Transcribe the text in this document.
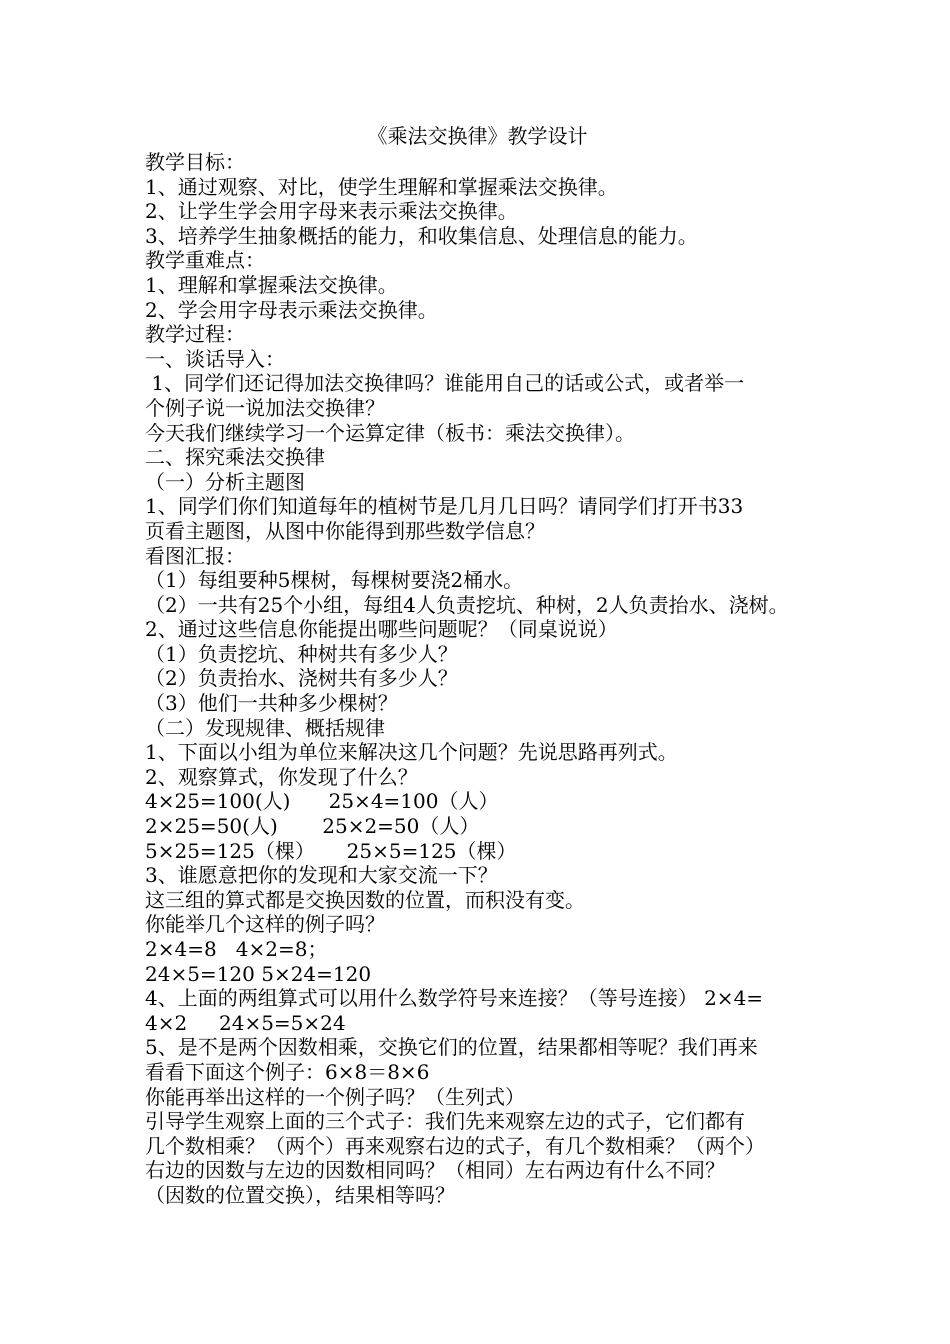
《乘法交换律》教学设计
教学目标：
1、通过观察、对比，使学生理解和掌握乘法交换律。
2、让学生学会用字母来表示乘法交换律。
3、培养学生抽象概括的能力，和收集信息、处理信息的能力。
教学重难点：
1、理解和掌握乘法交换律。
2、学会用字母表示乘法交换律。
教学过程：
一、谈话导入：
1、同学们还记得加法交换律吗？谁能用自己的话或公式，或者举一
个例子说一说加法交换律？
今天我们继续学习一个运算定律（板书：乘法交换律）。
二、探究乘法交换律
（一）分析主题图
1、同学们你们知道每年的植树节是几月几日吗？请同学们打开书33
页看主题图，从图中你能得到那些数学信息？
看图汇报：
（1）每组要种5棵树，每棵树要浇2桶水。
（2）一共有25个小组，每组4人负责挖坑、种树，2人负责抬水、浇树。
2、通过这些信息你能提出哪些问题呢？（同桌说说）
（1）负责挖坑、种树共有多少人？
（2）负责抬水、浇树共有多少人？
（3）他们一共种多少棵树？
（二）发现规律、概括规律
1、下面以小组为单位来解决这几个问题？先说思路再列式。
2、观察算式，你发现了什么？
4×25=100(人)      25×4=100（人）
2×25=50(人)       25×2=50（人）
5×25=125（棵）     25×5=125（棵）
3、谁愿意把你的发现和大家交流一下？
这三组的算式都是交换因数的位置，而积没有变。
你能举几个这样的例子吗？
2×4=8   4×2=8；
24×5=120 5×24=120
4、上面的两组算式可以用什么数学符号来连接？（等号连接） 2×4=
4×2     24×5=5×24
5、是不是两个因数相乘，交换它们的位置，结果都相等呢？我们再来
看看下面这个例子：6×8＝8×6
你能再举出这样的一个例子吗？（生列式）
引导学生观察上面的三个式子：我们先来观察左边的式子，它们都有
几个数相乘？（两个）再来观察右边的式子，有几个数相乘？（两个）
右边的因数与左边的因数相同吗？（相同）左右两边有什么不同？
（因数的位置交换），结果相等吗？
